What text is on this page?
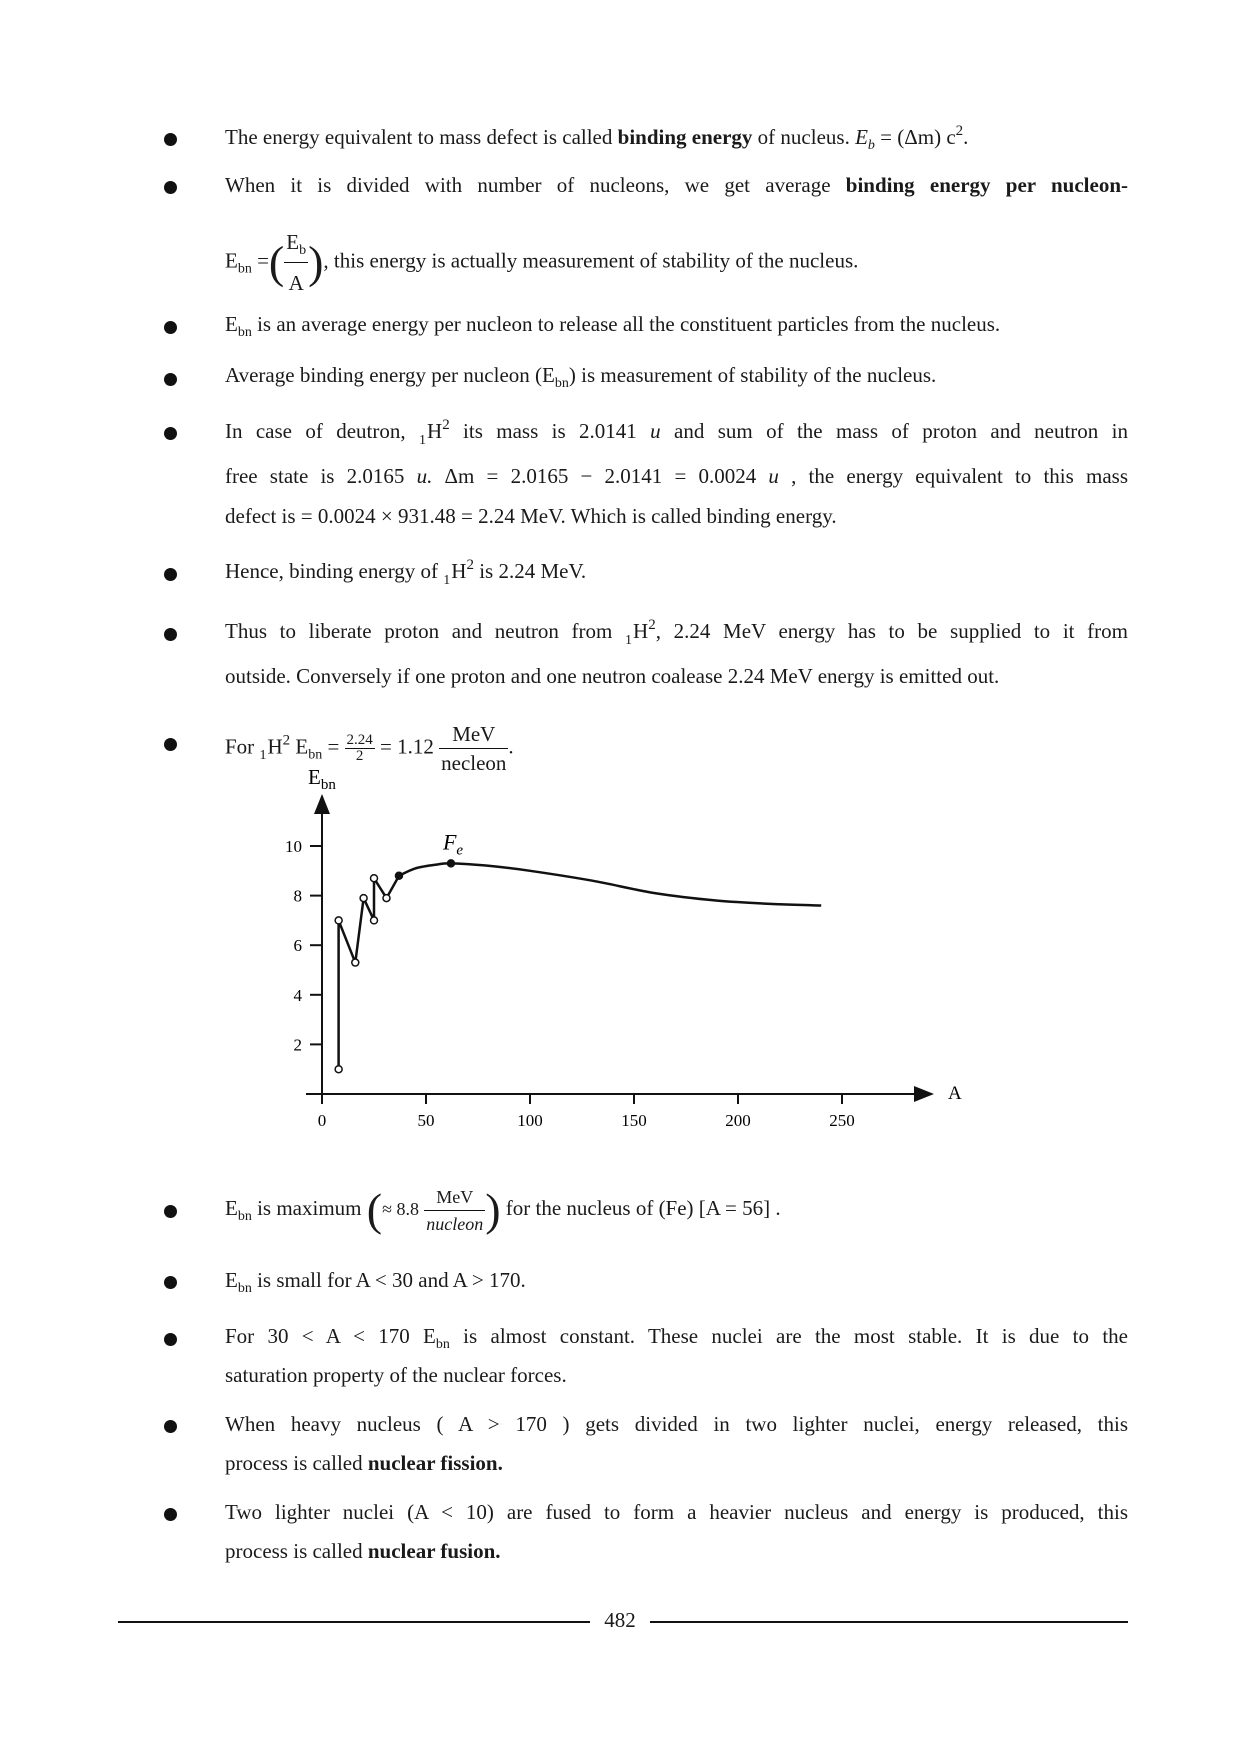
The energy equivalent to mass defect is called binding energy of nucleus. $E_b = (\Delta m)$ $c^2$.
When it is divided with number of nucleons, we get average binding energy per nucleon-
$E_{bn}$ =( $\frac{E_b}{A}$ ), this energy is actually measurement of stability of the nucleus.
$E_{bn}$ is an average energy per nucleon to release all the constituent particles from the nucleus.
Average binding energy per nucleon $(E_{bn})$ is measurement of stability of the nucleus.
In case of deutron, $_1H^2$ its mass is 2.0141 u and sum of the mass of proton and neutron in
free state is 2.0165 u. Δm = 2.0165 − 2.0141 = 0.0024 u , the energy equivalent to this mass
defect is = 0.0024 × 931.48 = 2.24 MeV. Which is called binding energy.
Hence, binding energy of $_1H^2$ is 2.24 MeV.
Thus to liberate proton and neutron from $_1H^2$, 2.24 MeV energy has to be supplied to it from
outside. Conversely if one proton and one neutron coalease 2.24 MeV energy is emitted out.
For $_1H^2$ $E_{bn} = \frac{2.24}{2} = 1.12 \frac{\text{MeV}}{\text{necleon}}$ .
$E_{bn}$
A
0	50	100	150	200	250
2
4
6
8
10	$F_e$
$E_{bn}$ is maximum (≈ $8.8 \frac{\text{MeV}}{\text{nucleon}}$ ) for the nucleus of (Fe) [A = 56] .
$E_{bn}$ is small for A < 30 and A > 170.
For 30 < A < 170 $E_{bn}$ is almost constant. These nuclei are the most stable. It is due to the
saturation property of the nuclear forces.
When heavy nucleus ( A > 170 ) gets divided in two lighter nuclei, energy released, this
process is called nuclear fission.
Two lighter nuclei (A < 10) are fused to form a heavier nucleus and energy is produced, this
process is called nuclear fusion.
482
